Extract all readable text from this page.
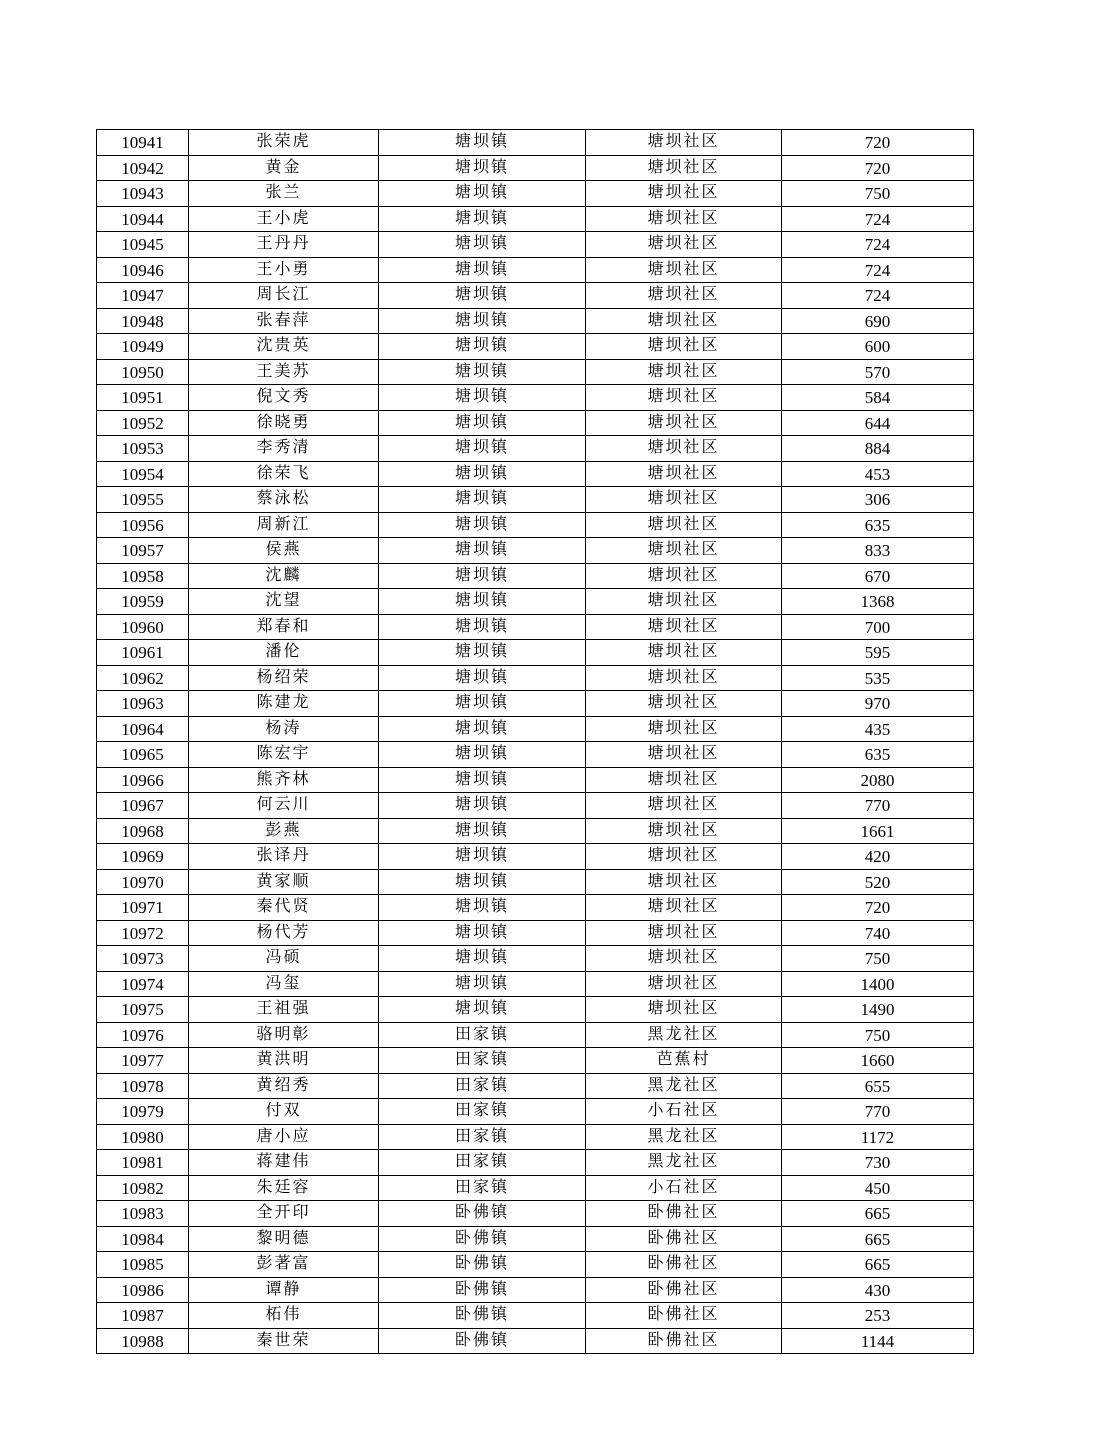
10941	张荣虎	塘坝镇	塘坝社区	720
10942	黄金	塘坝镇	塘坝社区	720
10943	张兰	塘坝镇	塘坝社区	750
10944	王小虎	塘坝镇	塘坝社区	724
10945	王丹丹	塘坝镇	塘坝社区	724
10946	王小勇	塘坝镇	塘坝社区	724
10947	周长江	塘坝镇	塘坝社区	724
10948	张春萍	塘坝镇	塘坝社区	690
10949	沈贵英	塘坝镇	塘坝社区	600
10950	王美苏	塘坝镇	塘坝社区	570
10951	倪文秀	塘坝镇	塘坝社区	584
10952	徐晓勇	塘坝镇	塘坝社区	644
10953	李秀清	塘坝镇	塘坝社区	884
10954	徐荣飞	塘坝镇	塘坝社区	453
10955	蔡泳松	塘坝镇	塘坝社区	306
10956	周新江	塘坝镇	塘坝社区	635
10957	侯燕	塘坝镇	塘坝社区	833
10958	沈麟	塘坝镇	塘坝社区	670
10959	沈望	塘坝镇	塘坝社区	1368
10960	郑春和	塘坝镇	塘坝社区	700
10961	潘伦	塘坝镇	塘坝社区	595
10962	杨绍荣	塘坝镇	塘坝社区	535
10963	陈建龙	塘坝镇	塘坝社区	970
10964	杨涛	塘坝镇	塘坝社区	435
10965	陈宏宇	塘坝镇	塘坝社区	635
10966	熊齐林	塘坝镇	塘坝社区	2080
10967	何云川	塘坝镇	塘坝社区	770
10968	彭燕	塘坝镇	塘坝社区	1661
10969	张译丹	塘坝镇	塘坝社区	420
10970	黄家顺	塘坝镇	塘坝社区	520
10971	秦代贤	塘坝镇	塘坝社区	720
10972	杨代芳	塘坝镇	塘坝社区	740
10973	冯硕	塘坝镇	塘坝社区	750
10974	冯玺	塘坝镇	塘坝社区	1400
10975	王祖强	塘坝镇	塘坝社区	1490
10976	骆明彰	田家镇	黑龙社区	750
10977	黄洪明	田家镇	芭蕉村	1660
10978	黄绍秀	田家镇	黑龙社区	655
10979	付双	田家镇	小石社区	770
10980	唐小应	田家镇	黑龙社区	1172
10981	蒋建伟	田家镇	黑龙社区	730
10982	朱廷容	田家镇	小石社区	450
10983	全开印	卧佛镇	卧佛社区	665
10984	黎明德	卧佛镇	卧佛社区	665
10985	彭著富	卧佛镇	卧佛社区	665
10986	谭静	卧佛镇	卧佛社区	430
10987	柘伟	卧佛镇	卧佛社区	253
10988	秦世荣	卧佛镇	卧佛社区	1144
